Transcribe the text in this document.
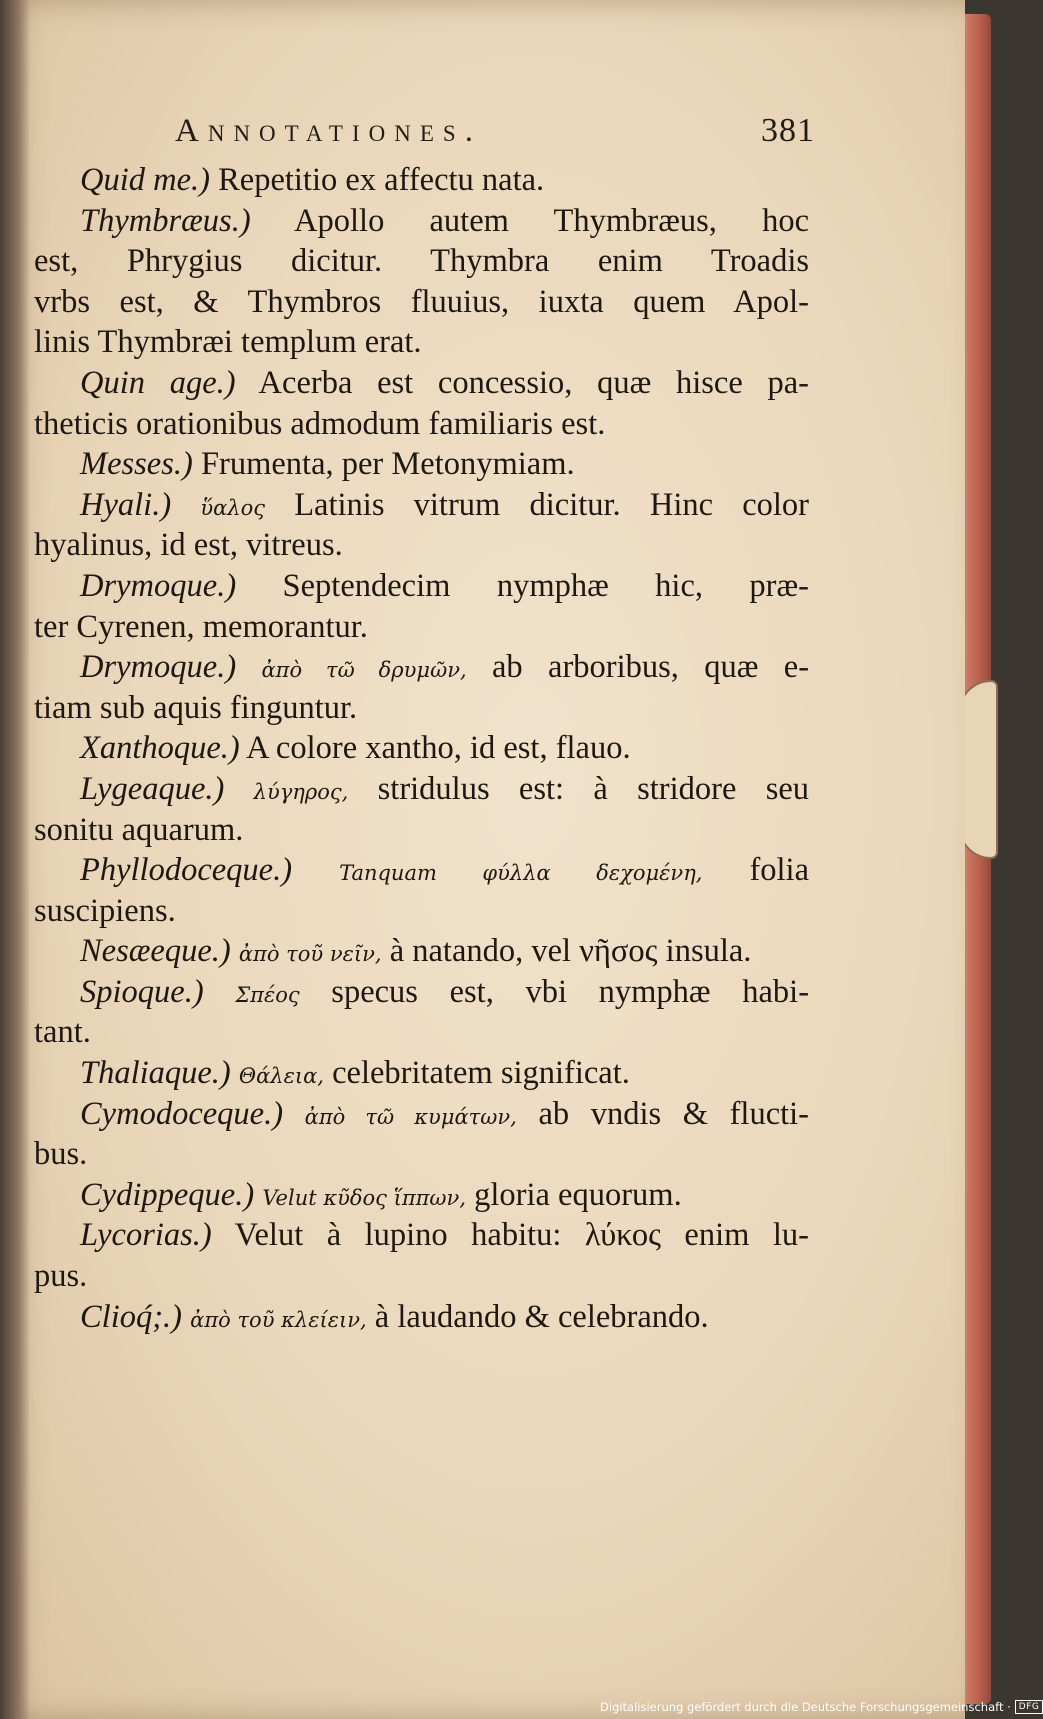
Annotationes.	381
Quid me.) Repetitio ex affectu nata.
Thymbræus.) Apollo autem Thymbræus, hoc
est, Phrygius dicitur. Thymbra enim Troadis
vrbs est, & Thymbros fluuius, iuxta quem Apol-
linis Thymbræi templum erat.
Quin age.) Acerba est concessio, quæ hisce pa-
theticis orationibus admodum familiaris est.
Messes.) Frumenta, per Metonymiam.
Hyali.) ὕαλος Latinis vitrum dicitur. Hinc color
hyalinus, id est, vitreus.
Drymoque.) Septendecim nymphæ hic, præ-
ter Cyrenen, memorantur.
Drymoque.) ἀπὸ τῶ δρυμῶν, ab arboribus, quæ e-
tiam sub aquis finguntur.
Xanthoque.) A colore xantho, id est, flauo.
Lygeaque.) λύγηρος, stridulus est: à stridore seu
sonitu aquarum.
Phyllodoceque.) Tanquam φύλλα δεχομένη, folia
suscipiens.
Nesæeque.) ἀπὸ τοῦ νεῖν, à natando, vel νῆσος insula.
Spioque.) Σπέος specus est, vbi nymphæ habi-
tant.
Thaliaque.) Θάλεια, celebritatem significat.
Cymodoceque.) ἀπὸ τῶ κυμάτων, ab vndis & flucti-
bus.
Cydippeque.) Velut κῦδος ἵππων, gloria equorum.
Lycorias.) Velut à lupino habitu: λύκος enim lu-
pus.
Clioq́;.) ἀπὸ τοῦ κλείειν, à laudando & celebrando.
Digitalisierung gefördert durch die Deutsche Forschungsgemeinschaft · DFG
